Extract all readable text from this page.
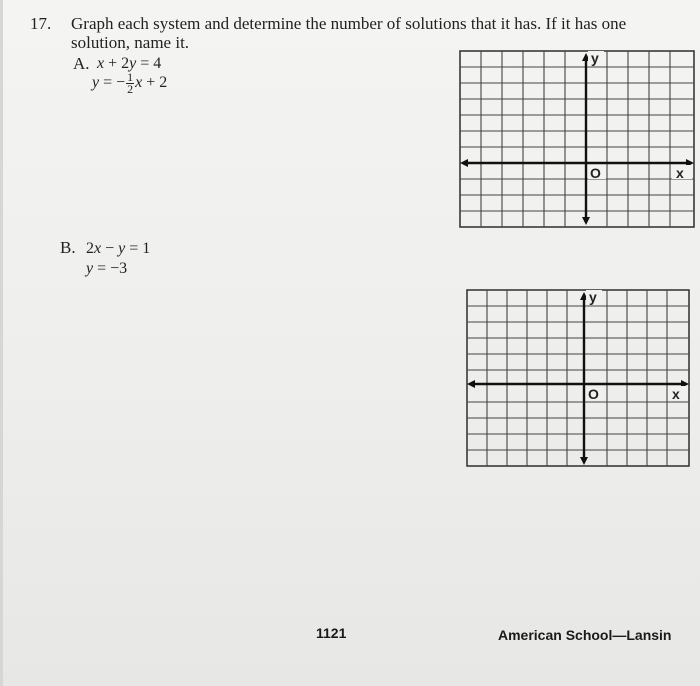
17. Graph each system and determine the number of solutions that it has. If it has one solution, name it.
A. x + 2y = 4
y = − $\frac{1}{2}$ x + 2
y
x
O
B. 2x − y = 1
y = −3
y
x
O
1121	American School—Lansin
